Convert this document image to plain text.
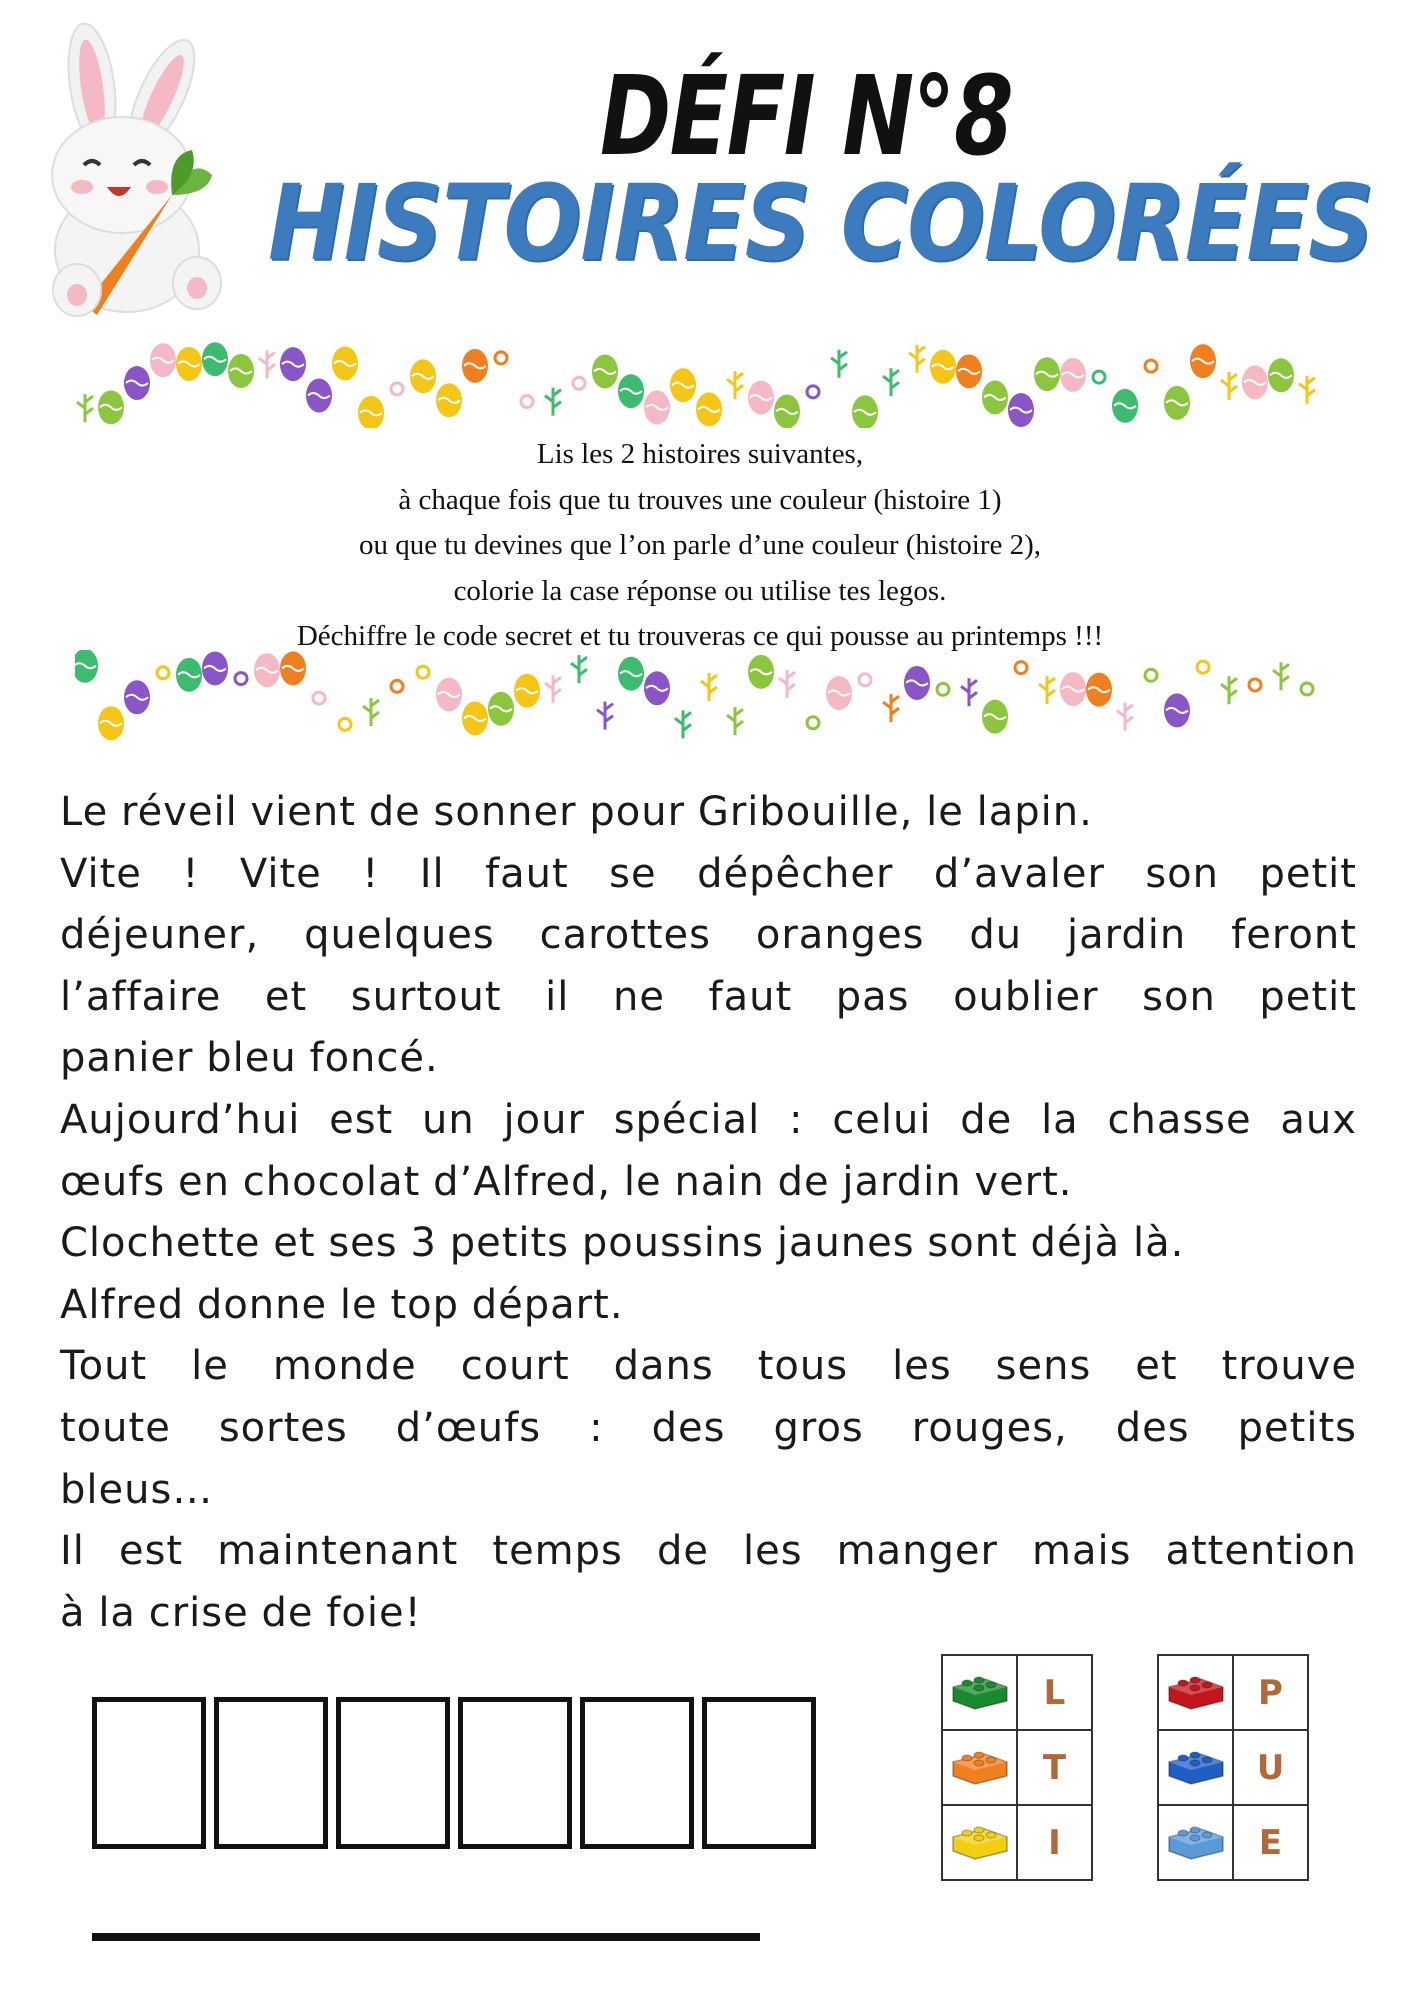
DÉFI N°8
HISTOIRES COLORÉES
Lis les 2 histoires suivantes,
à chaque fois que tu trouves une couleur (histoire 1)
ou que tu devines que l’on parle d’une couleur (histoire 2),
colorie la case réponse ou utilise tes legos.
Déchiffre le code secret et tu trouveras ce qui pousse au printemps !!!
Le réveil vient de sonner pour Gribouille, le lapin.
Vite ! Vite ! Il faut se dépêcher d’avaler son petit
déjeuner, quelques carottes oranges du jardin feront
l’affaire et surtout il ne faut pas oublier son petit
panier bleu foncé.
Aujourd’hui est un jour spécial : celui de la chasse aux
œufs en chocolat d’Alfred, le nain de jardin vert.
Clochette et ses 3 petits poussins jaunes sont déjà là.
Alfred donne le top départ.
Tout le monde court dans tous les sens et trouve
toute sortes d’œufs : des gros rouges, des petits
bleus…
Il est maintenant temps de les manger mais attention
à la crise de foie!
	L
	T
	I
	P
	U
	E
